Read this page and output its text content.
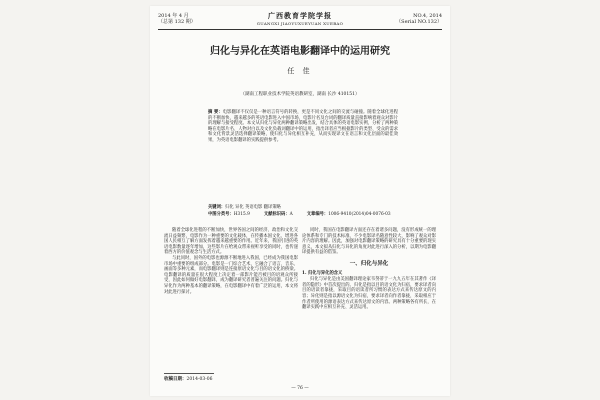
2014 年 4 月
（总第 132 期）
广西教育学院学报
GUANGXI JIAOYUXUEYUAN XUEBAO
NO.4, 2014
（Serial NO.132）
归化与异化在英语电影翻译中的运用研究
任 佳
（湖南工程职业技术学院英语教研室，湖南 长沙 410151）
摘 要：电影翻译不仅仅是一种语言符号的转换，更是不同文化之间的交流与碰撞。随着全球化进程的不断加快，越来越多的英语电影进入中国市场，电影片名及台词的翻译质量直接影响着观众对影片的理解与接受程度。本文从归化与异化两种翻译策略出发，结合具体的英语电影实例，分析了两种策略在电影片名、人物对白以及文化负载词翻译中的运用，指出译者应当根据影片的类型、受众的需求和文化背景灵活选择翻译策略，使归化与异化相互补充，从而实现译文在语言和文化层面的最佳效果，为英语电影翻译的实践提供参考。
关键词：归化 异化 英语电影 翻译策略
中图分类号：H315.9	文献标识码：A	文章编号：1006-9410(2014)04-0076-03

随着全球化进程的不断加快，世界各国之间的经济、政治和文化交流日益频繁，电影作为一种重要的文化载体，在传播本国文化、增进各国人民相互了解方面发挥着越来越重要的作用。近年来，我国引进的英语电影数量逐年增加，这些影片在给观众带来视听享受的同时，也传递着西方的价值观念与生活方式。

与此同时，国外的电影也源源不断地进入我国，已经成为我国电影市场中重要的组成部分。电影是一门综合艺术，它融合了语言、音乐、画面等多种元素，而电影翻译则是连接原语文化与目的语文化的桥梁。电影翻译的质量在很大程度上决定着一部影片能否被目的语观众所接受，因此如何做好电影翻译，成为翻译研究者普遍关注的问题。归化与异化作为两种基本的翻译策略，在电影翻译中有着广泛的运用，本文将对此进行探讨。

同时，我国在电影翻译方面还存在着诸多问题，没有形成统一的理论体系和专门的技术标准，不少电影译名随意性较大，影响了观众对影片内容的理解。因此，加强对电影翻译策略的研究具有十分重要的现实意义，本文拟从归化与异化的角度对此进行深入的分析，以期为电影翻译提供有益的借鉴。

一、归化与异化
1. 归化与异化的含义

归化与异化是由美国翻译理论家韦努蒂于一九九五年在其著作《译者的隐形》中首次提出的。归化是指以目的语文化为归宿，要求译者向目的语读者靠拢，采取目的语读者所习惯的表达方式来传达原文的内容；异化则是指以源语文化为归宿，要求译者向作者靠拢，采取相应于作者所使用的源语表达方式来传达原文的内容。两种策略各有所长，在翻译实践中应相互补充、灵活运用。

收稿日期：2014-03-06
— 76 —
